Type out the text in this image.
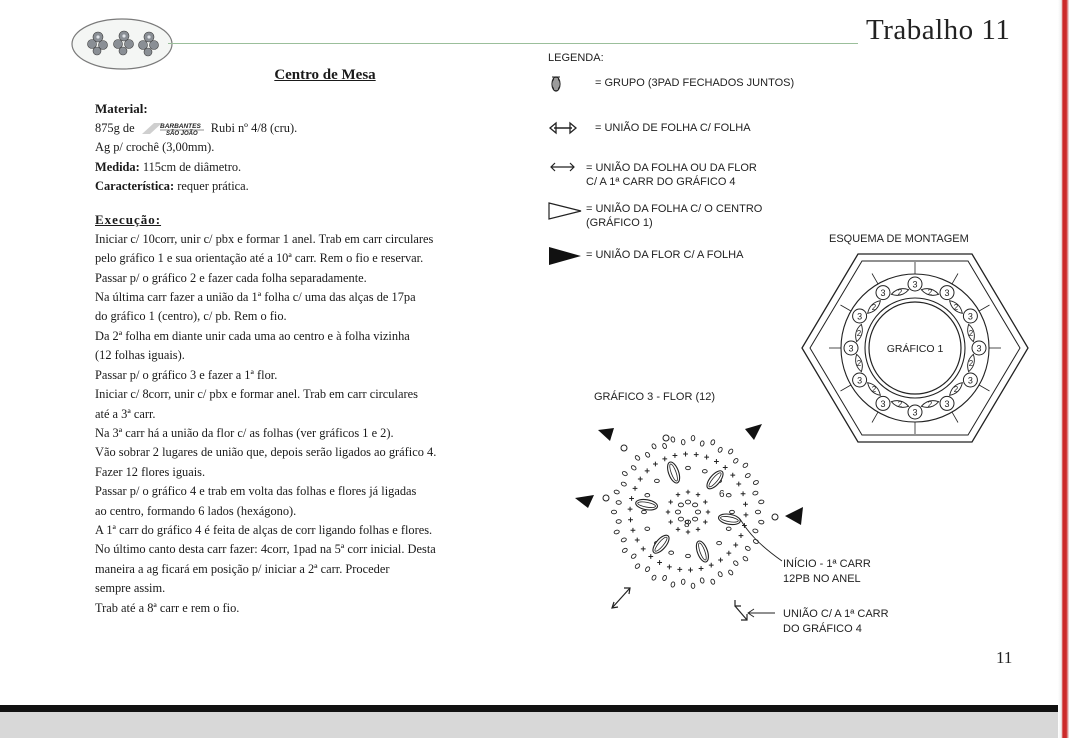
Trabalho 11
Centro de Mesa
Material:
875g de	BARBANTES
SÃO JOÃO Rubi nº 4/8 (cru).
Ag p/ crochê (3,00mm).
Medida: 115cm de diâmetro.
Característica: requer prática.
Execução:
Iniciar c/ 10corr, unir c/ pbx e formar 1 anel. Trab em carr circulares
pelo gráfico 1 e sua orientação até a 10ª carr. Rem o fio e reservar.
Passar p/ o gráfico 2 e fazer cada folha separadamente.
Na última carr fazer a união da 1ª folha c/ uma das alças de 17pa
do gráfico 1 (centro), c/ pb. Rem o fio.
Da 2ª folha em diante unir cada uma ao centro e à folha vizinha
(12 folhas iguais).
Passar p/ o gráfico 3 e fazer a 1ª flor.
Iniciar c/ 8corr, unir c/ pbx e formar anel. Trab em carr circulares
até a 3ª carr.
Na 3ª carr há a união da flor c/ as folhas (ver gráficos 1 e 2).
Vão sobrar 2 lugares de união que, depois serão ligados ao gráfico 4.
Fazer 12 flores iguais.
Passar p/ o gráfico 4 e trab em volta das folhas e flores já ligadas
ao centro, formando 6 lados (hexágono).
A 1ª carr do gráfico 4 é feita de alças de corr ligando folhas e flores.
No último canto desta carr fazer: 4corr, 1pad na 5ª corr inicial. Desta
maneira a ag ficará em posição p/ iniciar a 2ª carr. Proceder
sempre assim.
Trab até a 8ª carr e rem o fio.
LEGENDA:
= GRUPO (3PAD FECHADOS JUNTOS)
= UNIÃO DE FOLHA C/ FOLHA
= UNIÃO DA FOLHA OU DA FLOR
C/ A 1ª CARR DO GRÁFICO 4
= UNIÃO DA FOLHA C/ O CENTRO
(GRÁFICO 1)
= UNIÃO DA FLOR C/ A FOLHA
ESQUEMA DE MONTAGEM
GRÁFICO 1
3
2 3
2
3
2
3
2
3
2
3
2
3
2
3
2
3
2
3
2
3
2
3 2
GRÁFICO 3 - FLOR (12)
6
8
INÍCIO - 1ª CARR
12PB NO ANEL
UNIÃO C/ A 1ª CARR
DO GRÁFICO 4
11
